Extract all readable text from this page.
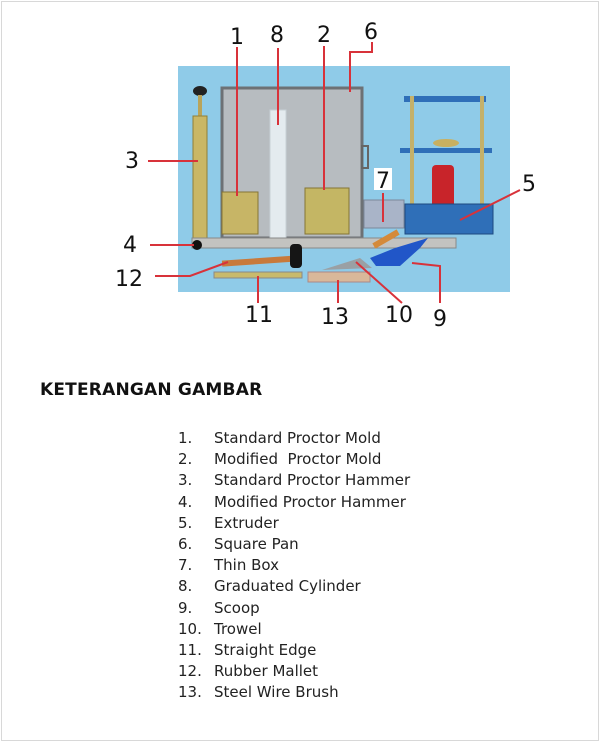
1	2
3
4
5
6
7
8
9
10
11
12
13
KETERANGAN GAMBAR
1. Standard Proctor Mold
2. Modified  Proctor Mold
3. Standard Proctor Hammer
4. Modified Proctor Hammer
5. Extruder
6. Square Pan
7. Thin Box
8. Graduated Cylinder
9. Scoop
10. Trowel
11. Straight Edge
12. Rubber Mallet
13. Steel Wire Brush
